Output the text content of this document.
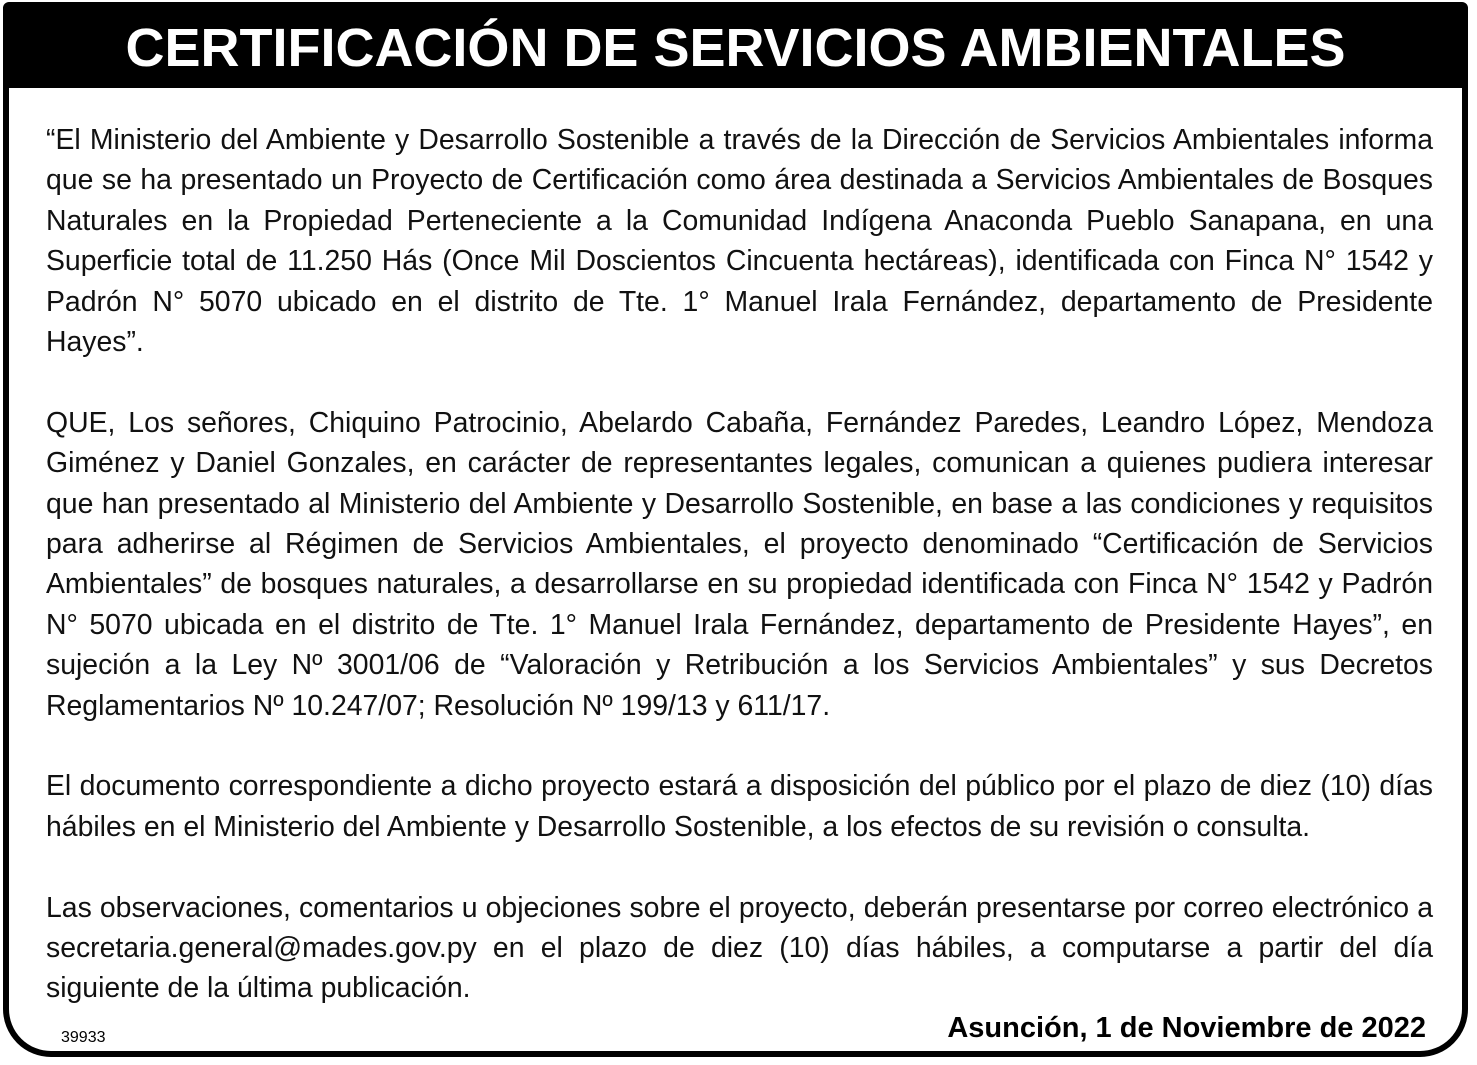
CERTIFICACIÓN DE SERVICIOS AMBIENTALES

“El Ministerio del Ambiente y Desarrollo Sostenible a través de la Dirección de Servicios Ambientales informa que se ha presentado un Proyecto de Certificación como área destinada a Servicios Ambientales de Bosques Naturales en la Propiedad Perteneciente a la Comunidad Indígena Anaconda Pueblo Sanapana, en una Superficie total de 11.250 Hás (Once Mil Doscientos Cincuenta hectáreas), identificada con Finca N° 1542 y Padrón N° 5070 ubicado en el distrito de Tte. 1° Manuel Irala Fernández, departamento de Presidente Hayes”.

QUE, Los señores, Chiquino Patrocinio, Abelardo Cabaña, Fernández Paredes, Leandro López, Mendoza Giménez y Daniel Gonzales, en carácter de representantes legales, comunican a quienes pudiera interesar que han presentado al Ministerio del Ambiente y Desarrollo Sostenible, en base a las condiciones y requisitos para adherirse al Régimen de Servicios Ambientales, el proyecto denominado “Certificación de Servicios Ambientales” de bosques naturales, a desarrollarse en su propiedad identificada con Finca N° 1542 y Padrón N° 5070 ubicada en el distrito de Tte. 1° Manuel Irala Fernández, departamento de Presidente Hayes”, en sujeción a la Ley Nº 3001/06 de “Valoración y Retribución a los Servicios Ambientales” y sus Decretos Reglamentarios Nº 10.247/07; Resolución Nº 199/13 y 611/17.

El documento correspondiente a dicho proyecto estará a disposición del público por el plazo de diez (10) días hábiles en el Ministerio del Ambiente y Desarrollo Sostenible, a los efectos de su revisión o consulta.

Las observaciones, comentarios u objeciones sobre el proyecto, deberán presentarse por correo electrónico a secretaria.general@mades.gov.py en el plazo de diez (10) días hábiles, a computarse a partir del día siguiente de la última publicación.

Asunción, 1 de Noviembre de 2022
39933
